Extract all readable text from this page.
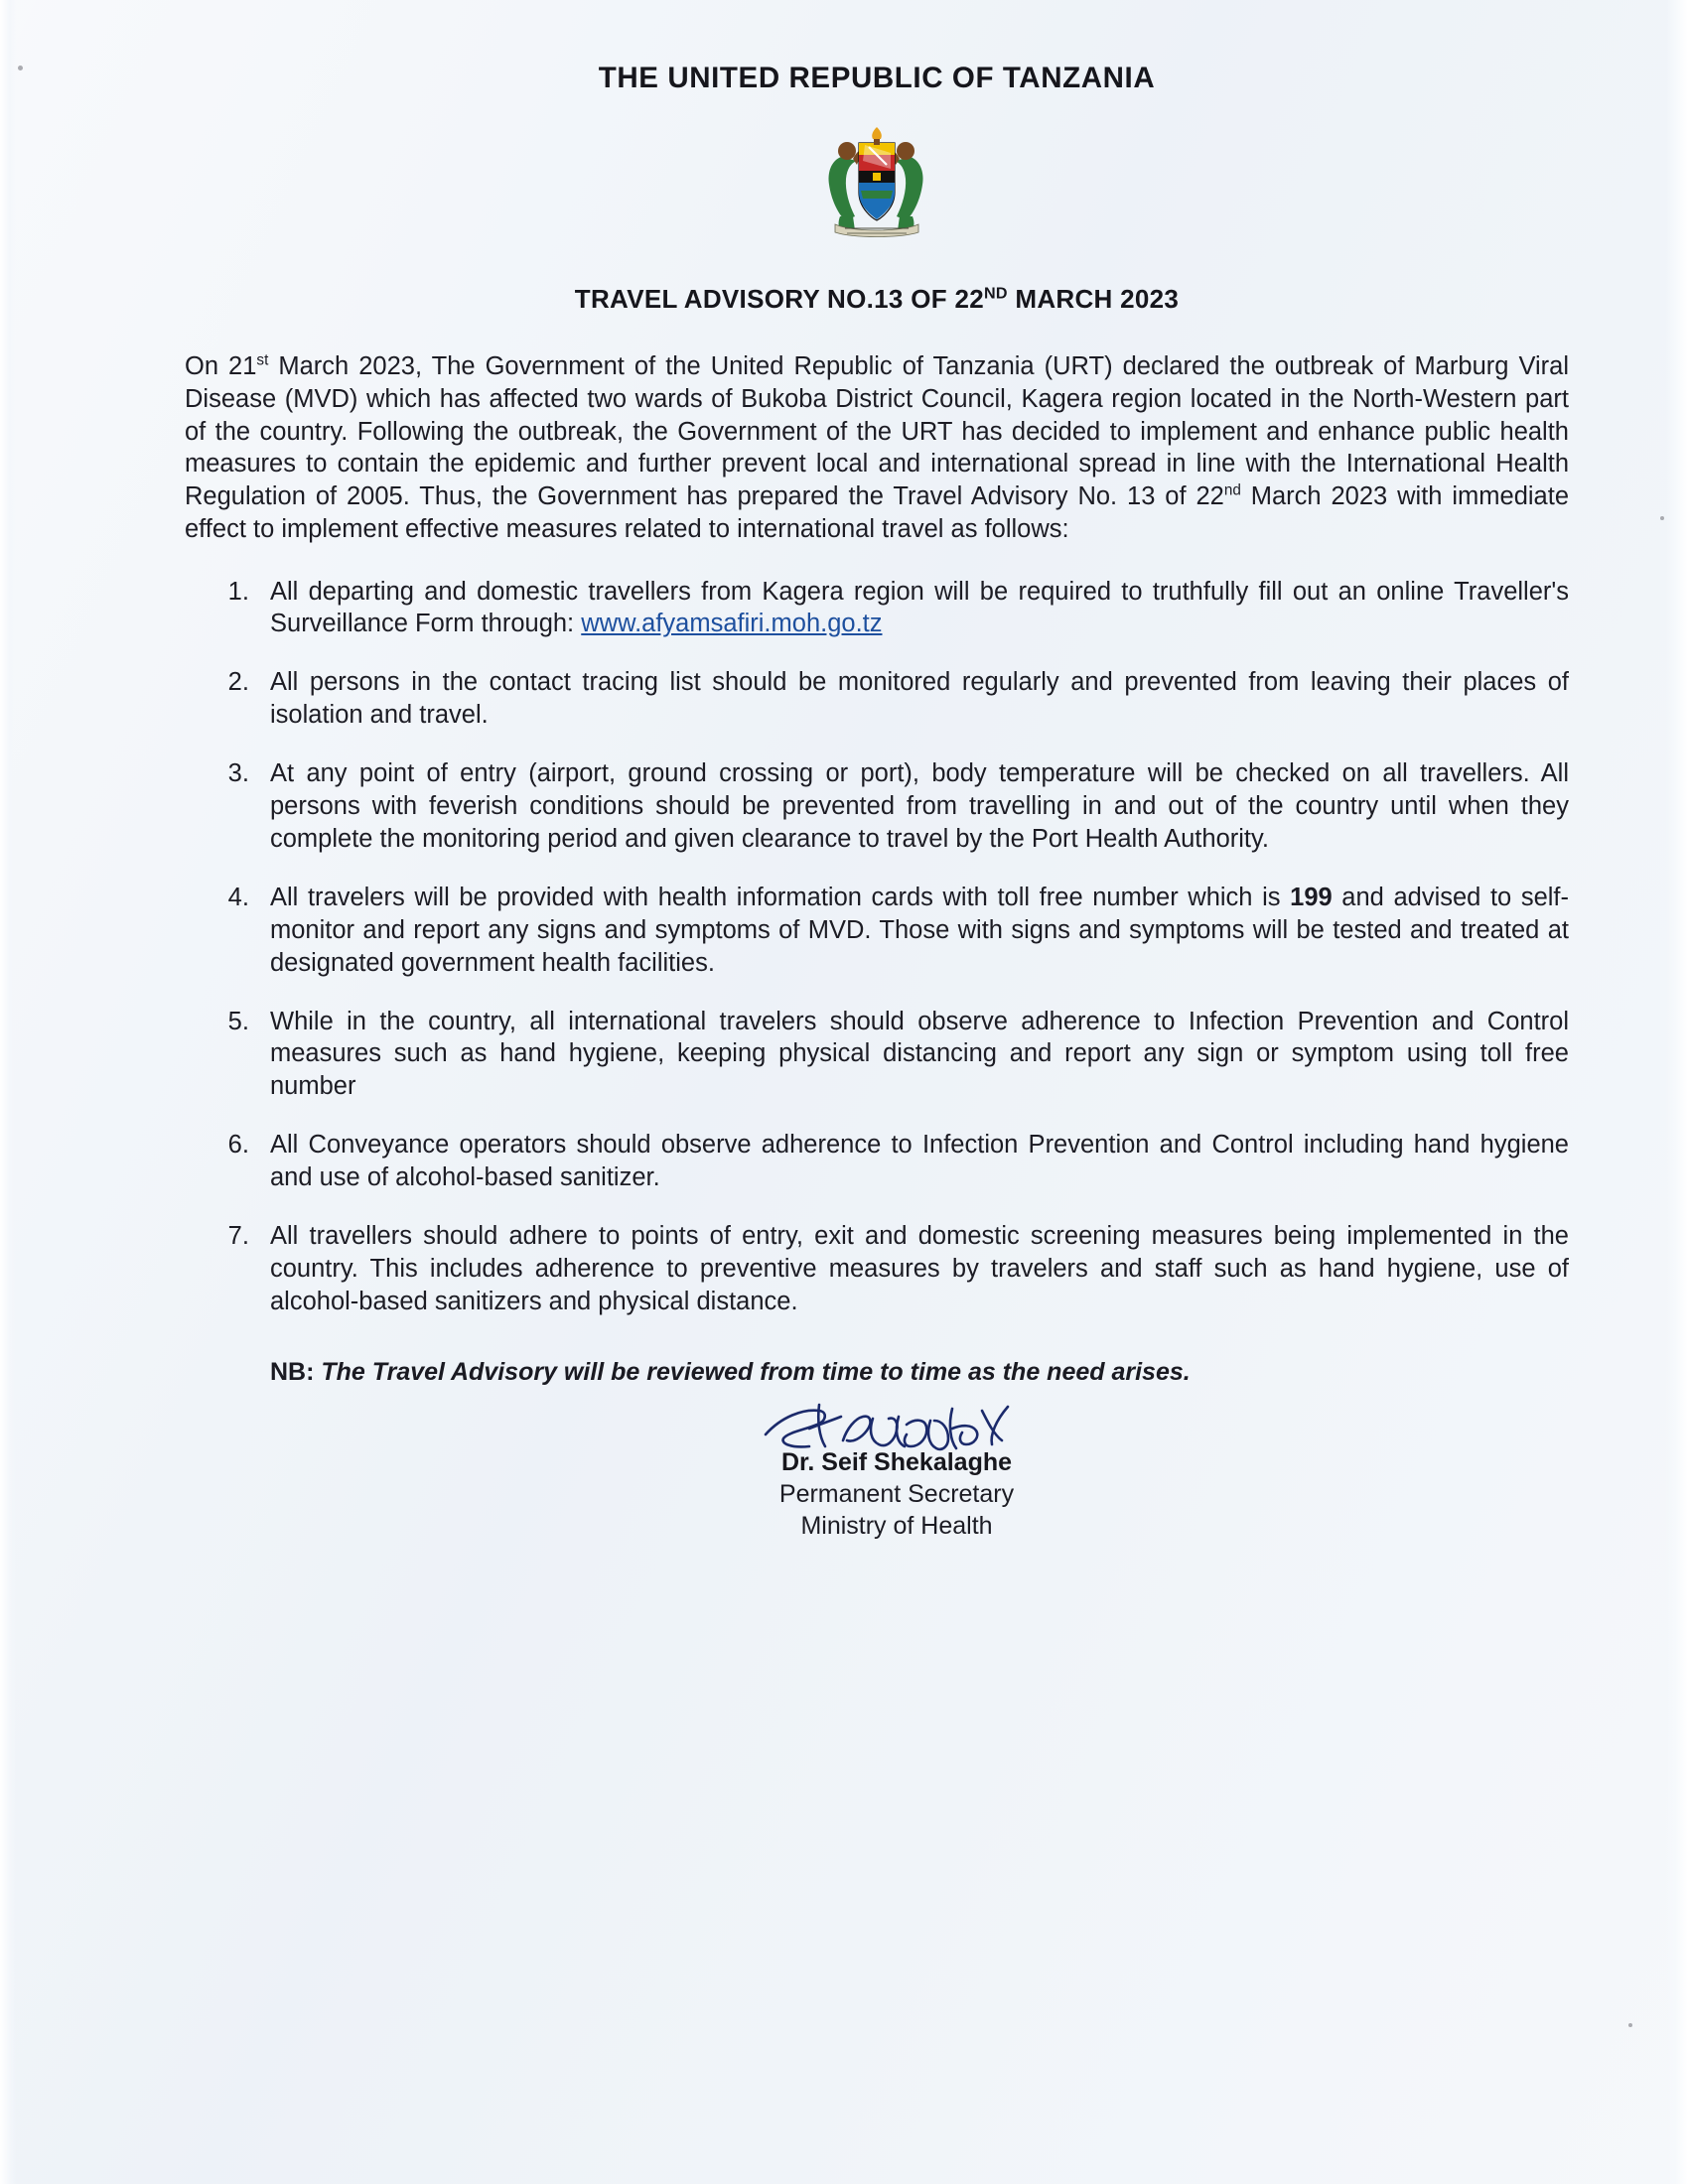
THE UNITED REPUBLIC OF TANZANIA
TRAVEL ADVISORY NO.13 OF 22ND MARCH 2023

On 21st March 2023, The Government of the United Republic of Tanzania (URT) declared the outbreak of Marburg Viral Disease (MVD) which has affected two wards of Bukoba District Council, Kagera region located in the North-Western part of the country. Following the outbreak, the Government of the URT has decided to implement and enhance public health measures to contain the epidemic and further prevent local and international spread in line with the International Health Regulation of 2005. Thus, the Government has prepared the Travel Advisory No. 13 of 22nd March 2023 with immediate effect to implement effective measures related to international travel as follows:

1. All departing and domestic travellers from Kagera region will be required to truthfully fill out an online Traveller's Surveillance Form through: www.afyamsafiri.moh.go.tz
2. All persons in the contact tracing list should be monitored regularly and prevented from leaving their places of isolation and travel.
3. At any point of entry (airport, ground crossing or port), body temperature will be checked on all travellers. All persons with feverish conditions should be prevented from travelling in and out of the country until when they complete the monitoring period and given clearance to travel by the Port Health Authority.
4. All travelers will be provided with health information cards with toll free number which is 199 and advised to self-monitor and report any signs and symptoms of MVD. Those with signs and symptoms will be tested and treated at designated government health facilities.
5. While in the country, all international travelers should observe adherence to Infection Prevention and Control measures such as hand hygiene, keeping physical distancing and report any sign or symptom using toll free number
6. All Conveyance operators should observe adherence to Infection Prevention and Control including hand hygiene and use of alcohol-based sanitizer.
7. All travellers should adhere to points of entry, exit and domestic screening measures being implemented in the country. This includes adherence to preventive measures by travelers and staff such as hand hygiene, use of alcohol-based sanitizers and physical distance.
NB: The Travel Advisory will be reviewed from time to time as the need arises.
Dr. Seif Shekalaghe
Permanent Secretary
Ministry of Health
